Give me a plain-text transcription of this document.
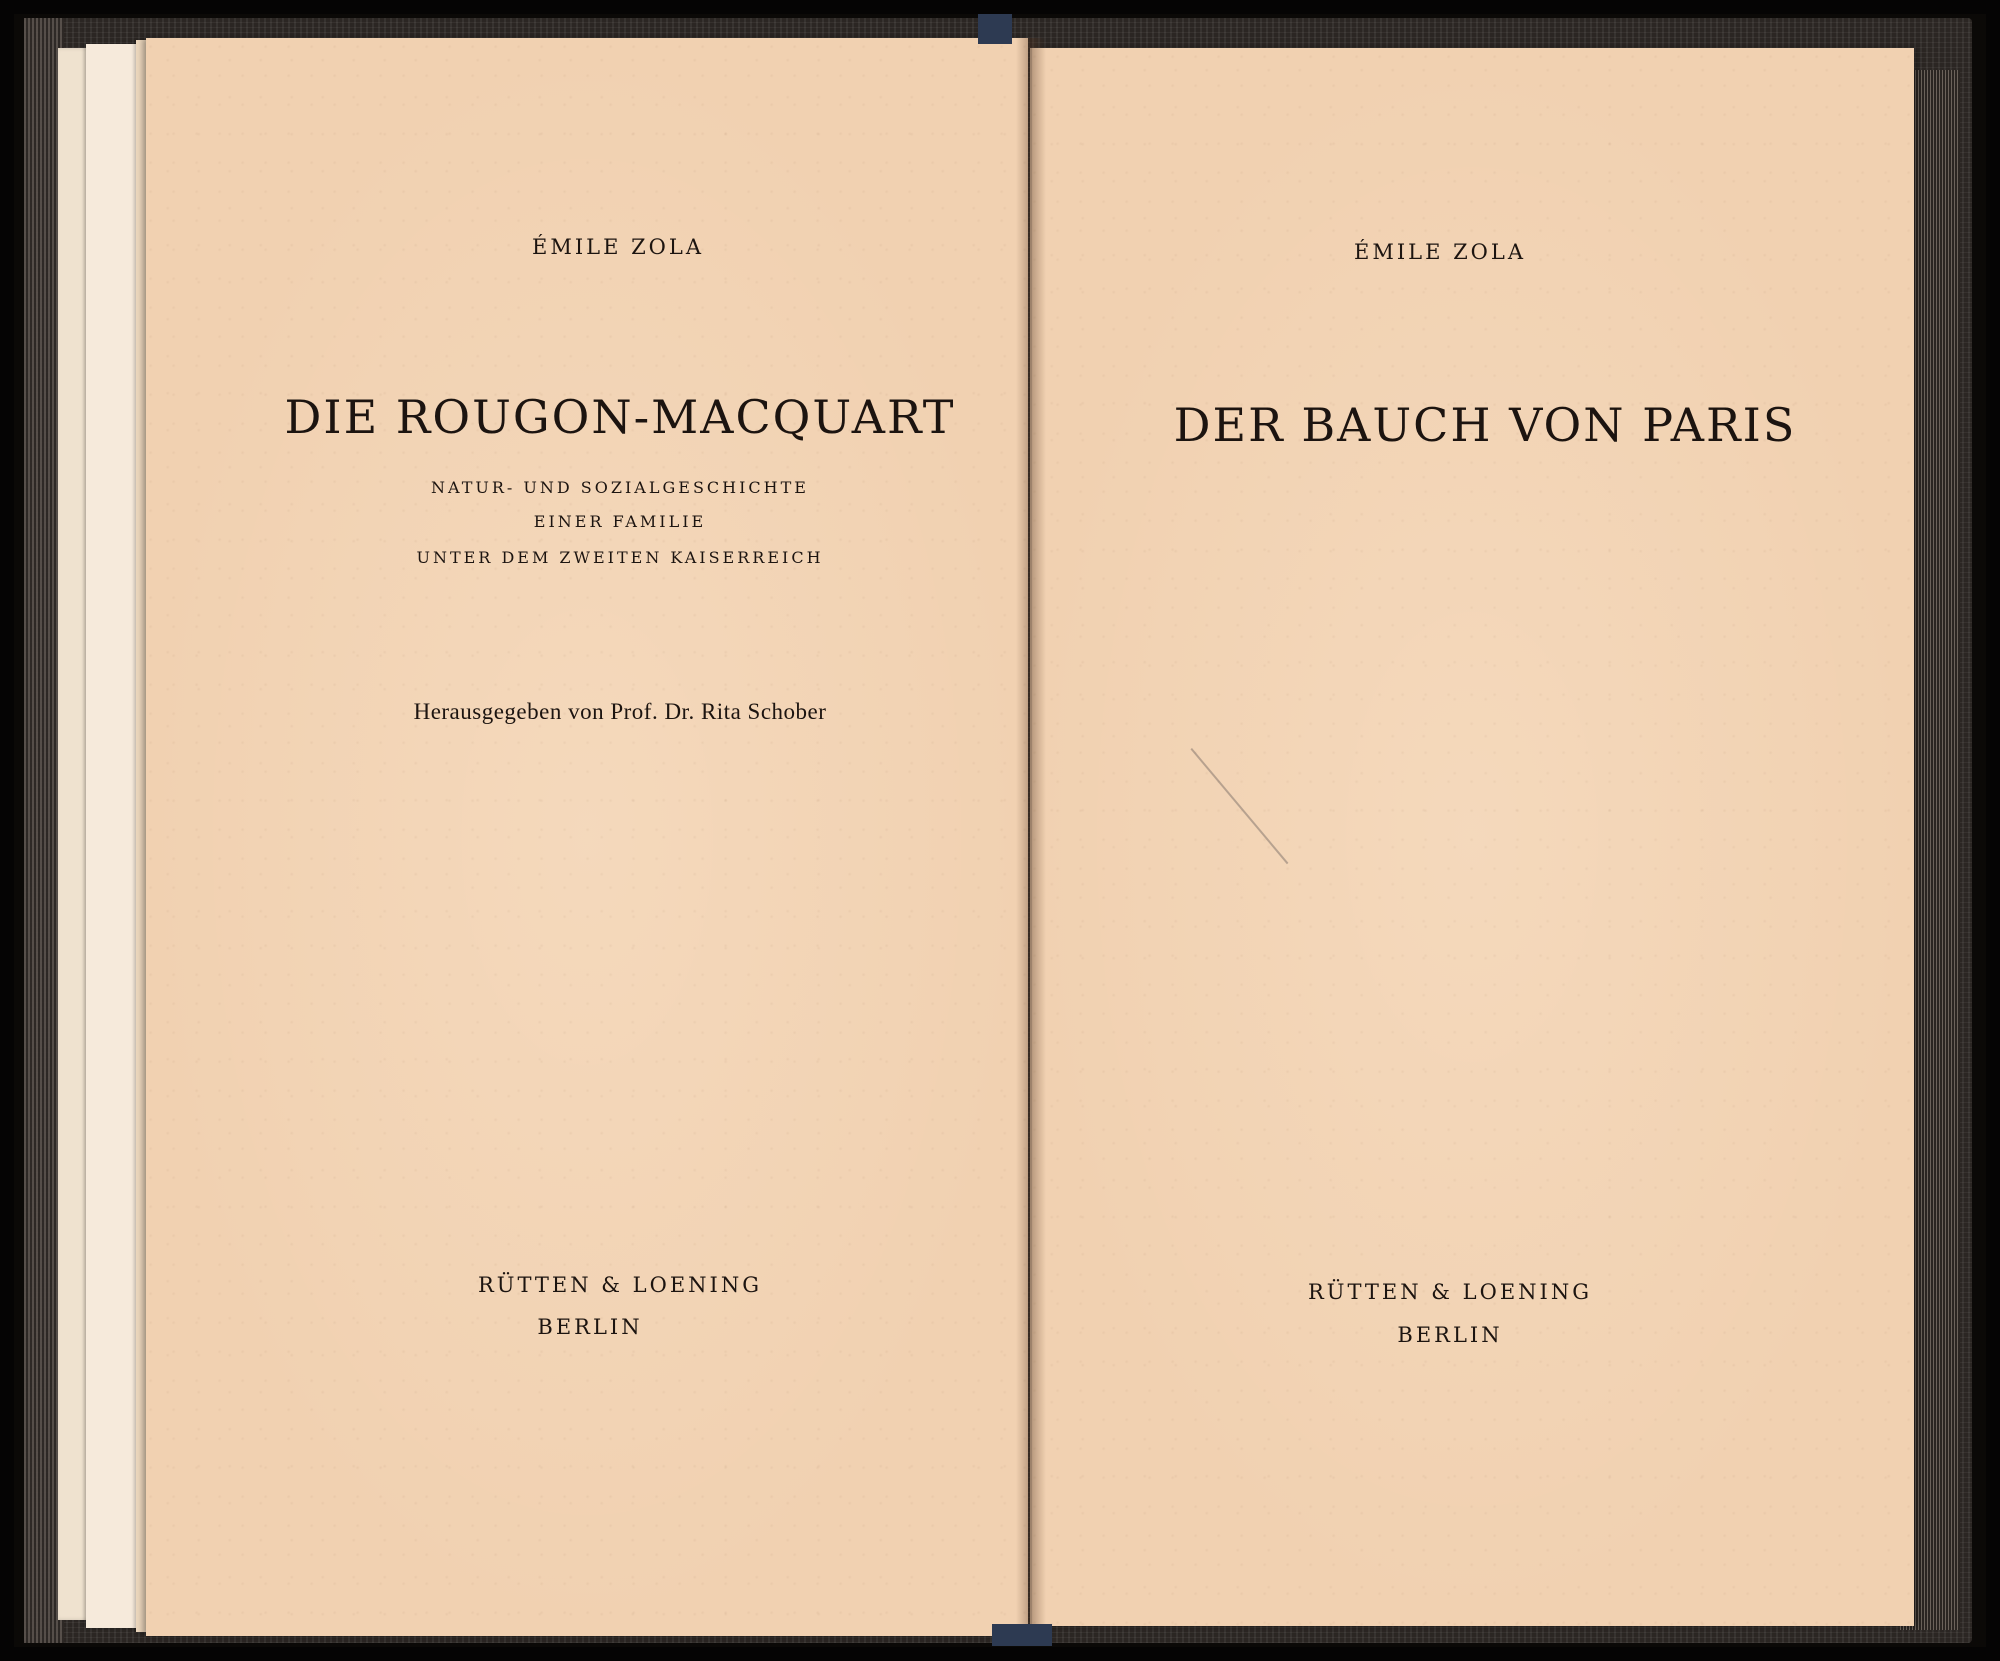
ÉMILE ZOLA
DIE ROUGON-MACQUART
NATUR- UND SOZIALGESCHICHTE
EINER FAMILIE
UNTER DEM ZWEITEN KAISERREICH
Herausgegeben von Prof. Dr. Rita Schober
RÜTTEN & LOENING
BERLIN
ÉMILE ZOLA
DER BAUCH VON PARIS
RÜTTEN & LOENING
BERLIN
